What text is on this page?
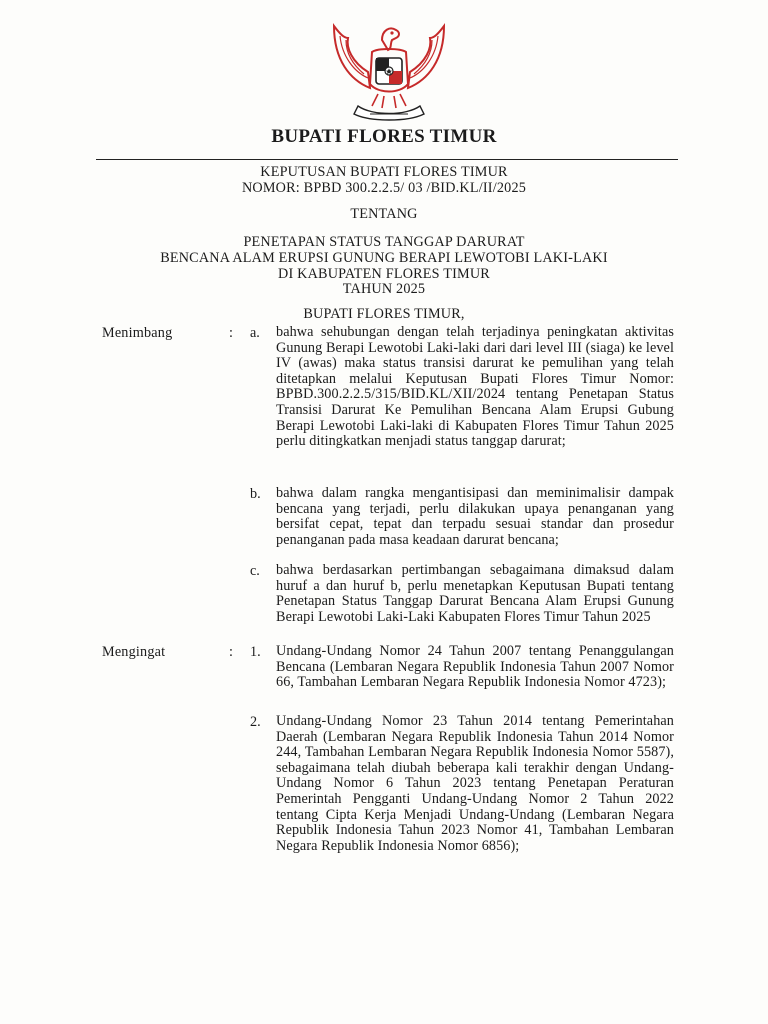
BUPATI FLORES TIMUR
KEPUTUSAN BUPATI FLORES TIMUR
NOMOR: BPBD 300.2.2.5/ 03 /BID.KL/II/2025
TENTANG
PENETAPAN STATUS TANGGAP DARURAT
BENCANA ALAM ERUPSI GUNUNG BERAPI LEWOTOBI LAKI-LAKI
DI KABUPATEN FLORES TIMUR
TAHUN 2025
BUPATI FLORES TIMUR,
Menimbang	: a. bahwa sehubungan dengan telah terjadinya peningkatan aktivitas Gunung Berapi Lewotobi Laki-laki dari dari level III (siaga) ke level IV (awas) maka status transisi darurat ke pemulihan yang telah ditetapkan melalui Keputusan Bupati Flores Timur Nomor: BPBD.300.2.2.5/315/BID.KL/XII/2024 tentang Penetapan Status Transisi Darurat Ke Pemulihan Bencana Alam Erupsi Gubung Berapi Lewotobi Laki-laki di Kabupaten Flores Timur Tahun 2025 perlu ditingkatkan menjadi status tanggap darurat;
b. bahwa dalam rangka mengantisipasi dan meminimalisir dampak bencana yang terjadi, perlu dilakukan upaya penanganan yang bersifat cepat, tepat dan terpadu sesuai standar dan prosedur penanganan pada masa keadaan darurat bencana;
c. bahwa berdasarkan pertimbangan sebagaimana dimaksud dalam huruf a dan huruf b, perlu menetapkan Keputusan Bupati tentang Penetapan Status Tanggap Darurat Bencana Alam Erupsi Gunung Berapi Lewotobi Laki-Laki Kabupaten Flores Timur Tahun 2025
Mengingat	: 1. Undang-Undang Nomor 24 Tahun 2007 tentang Penanggulangan Bencana (Lembaran Negara Republik Indonesia Tahun 2007 Nomor 66, Tambahan Lembaran Negara Republik Indonesia Nomor 4723);
2. Undang-Undang Nomor 23 Tahun 2014 tentang Pemerintahan Daerah (Lembaran Negara Republik Indonesia Tahun 2014 Nomor 244, Tambahan Lembaran Negara Republik Indonesia Nomor 5587), sebagaimana telah diubah beberapa kali terakhir dengan Undang-Undang Nomor 6 Tahun 2023 tentang Penetapan Peraturan Pemerintah Pengganti Undang-Undang Nomor 2 Tahun 2022 tentang Cipta Kerja Menjadi Undang-Undang (Lembaran Negara Republik Indonesia Tahun 2023 Nomor 41, Tambahan Lembaran Negara Republik Indonesia Nomor 6856);
